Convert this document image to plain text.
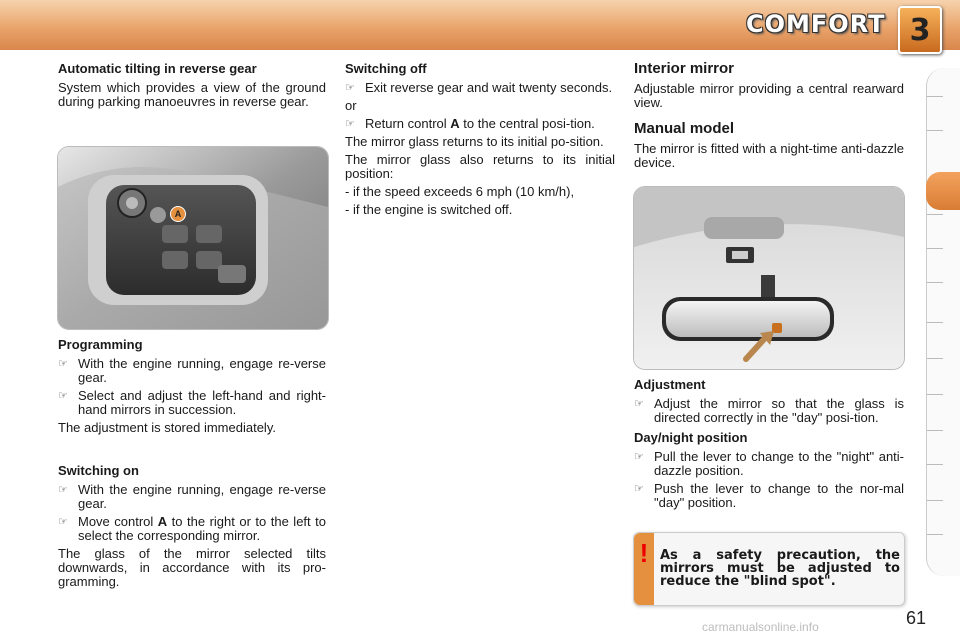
COMFORT 3
Automatic tilting in reverse gear
System which provides a view of the ground during parking manoeuvres in reverse gear.
A
Programming
☞ With the engine running, engage re-verse gear.
☞ Select and adjust the left-hand and right-hand mirrors in succession.
The adjustment is stored immediately.
Switching on
☞ With the engine running, engage re-verse gear.
☞ Move control A to the right or to the left to select the corresponding mirror.
The glass of the mirror selected tilts downwards, in accordance with its pro-gramming.
Switching off
☞ Exit reverse gear and wait twenty seconds.
or
☞ Return control A to the central posi-tion.
The mirror glass returns to its initial po-sition.
The mirror glass also returns to its initial position:
- if the speed exceeds 6 mph (10 km/h),
- if the engine is switched off.
Interior mirror
Adjustable mirror providing a central rearward view.
Manual model
The mirror is fitted with a night-time anti-dazzle device.
Adjustment
☞ Adjust the mirror so that the glass is directed correctly in the "day" posi-tion.
Day/night position
☞ Pull the lever to change to the "night" anti-dazzle position.
☞ Push the lever to change to the nor-mal "day" position.
! As a safety precaution, the mirrors must be adjusted to reduce the "blind spot".
61
carmanualsonline.info
